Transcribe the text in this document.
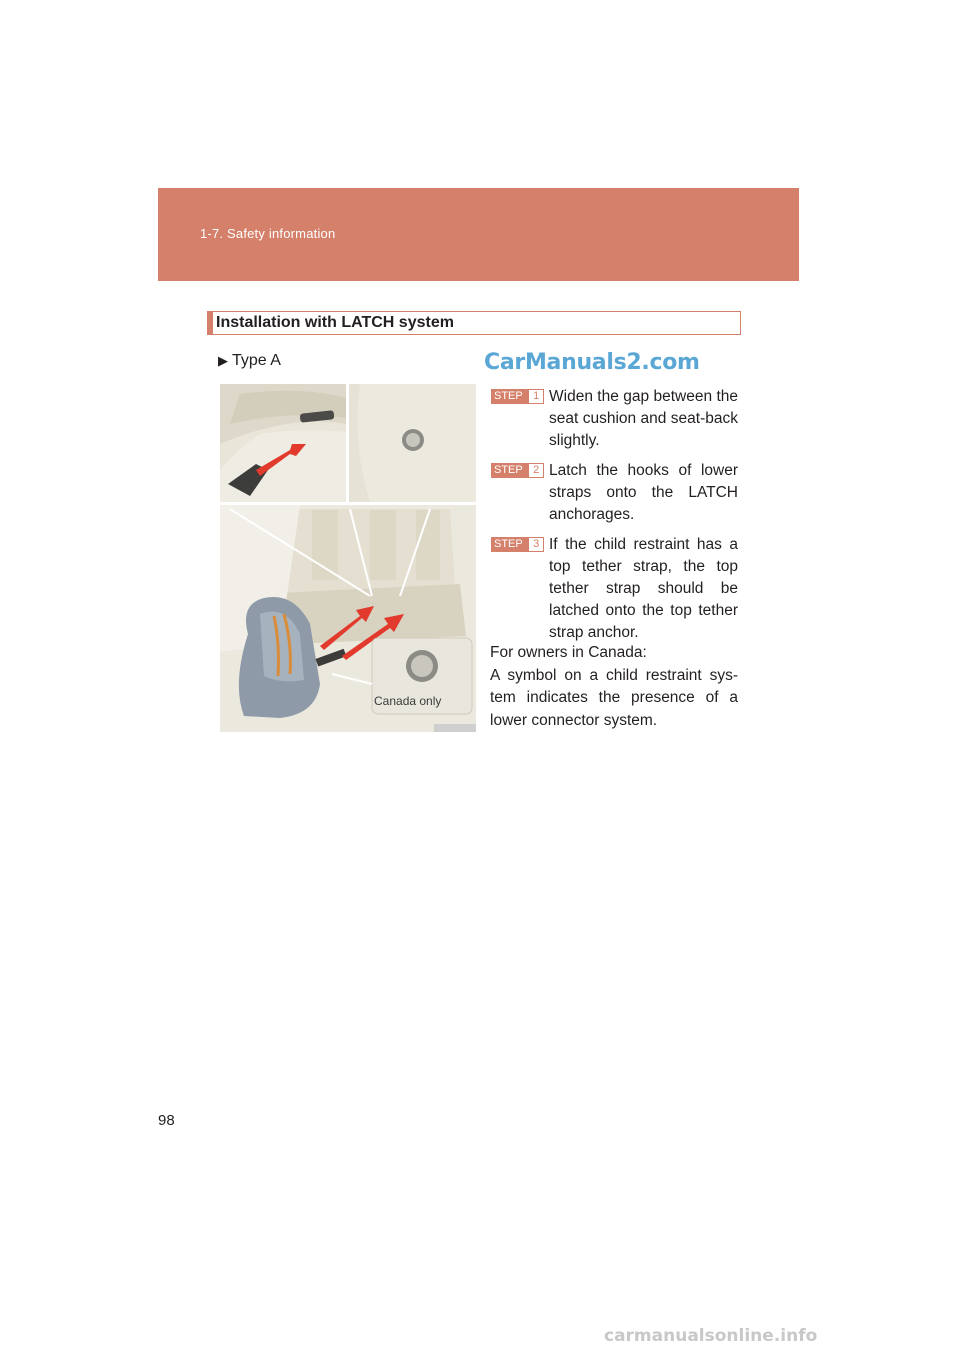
1-7. Safety information
Installation with LATCH system
▶ Type A	CarManuals2.com
Canada only
STEP 1 Widen the gap between the seat cushion and seat-back slightly.
STEP 2 Latch the hooks of lower straps onto the LATCH anchorages.
STEP 3 If the child restraint has a top tether strap, the top tether strap should be latched onto the top tether strap anchor.
For owners in Canada:
A symbol on a child restraint sys-tem indicates the presence of a lower connector system.
98
carmanualsonline.info
